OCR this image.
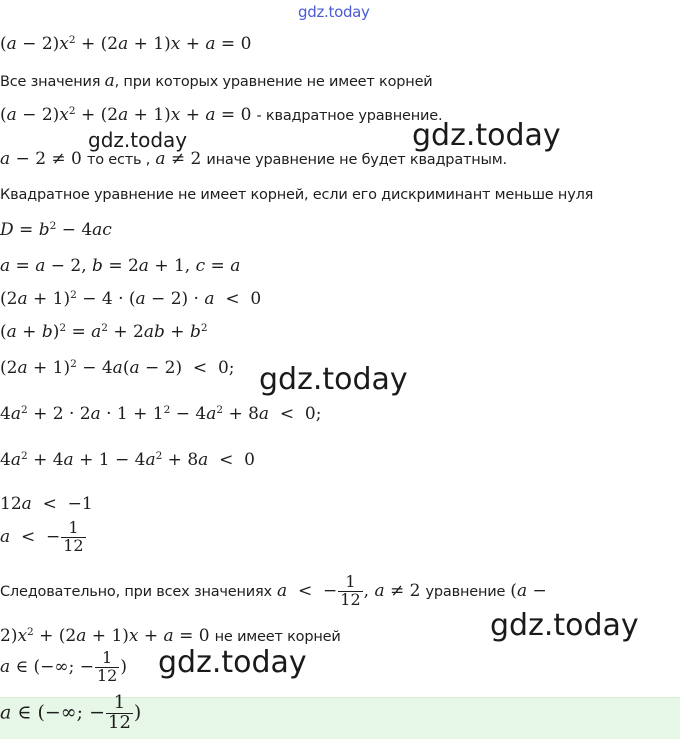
gdz.today
$(a - 2)x^2 + (2a + 1)x + a = 0$
Все значения a, при которых уравнение не имеет корней
$(a - 2)x^2 + (2a + 1)x + a = 0$ - квадратное уравнение.
gdz.today	gdz.today
a − 2 ≠ 0 то есть , a ≠ 2 иначе уравнение не будет квадратным.
Квадратное уравнение не имеет корней, если его дискриминант меньше нуля
$D = b^2 - 4ac$
a = a − 2, b = 2a + 1, c = a
$(2a + 1)^2 - 4 \cdot (a - 2) \cdot a < 0$
$(a + b)^2 = a^2 + 2ab + b^2$
$(2a + 1)^2 - 4a(a - 2) < 0$; gdz.today
$4a^2 + 2 \cdot 2a \cdot 1 + 1^2 - 4a^2 + 8a < 0$;
$4a^2 + 4a + 1 - 4a^2 + 8a < 0$
12a  <  −1
a  <  − $\frac{1}{12}$
Следовательно, при всех значениях a  <  − $\frac{1}{12}$ , a ≠ 2 уравнение (a −
$2)x^2 + (2a + 1)x + a = 0$ не имеет корней	gdz.today
a ∈ (−∞; − $\frac{1}{12}$ ) gdz.today
a ∈ (−∞; − $\frac{1}{12}$ )
